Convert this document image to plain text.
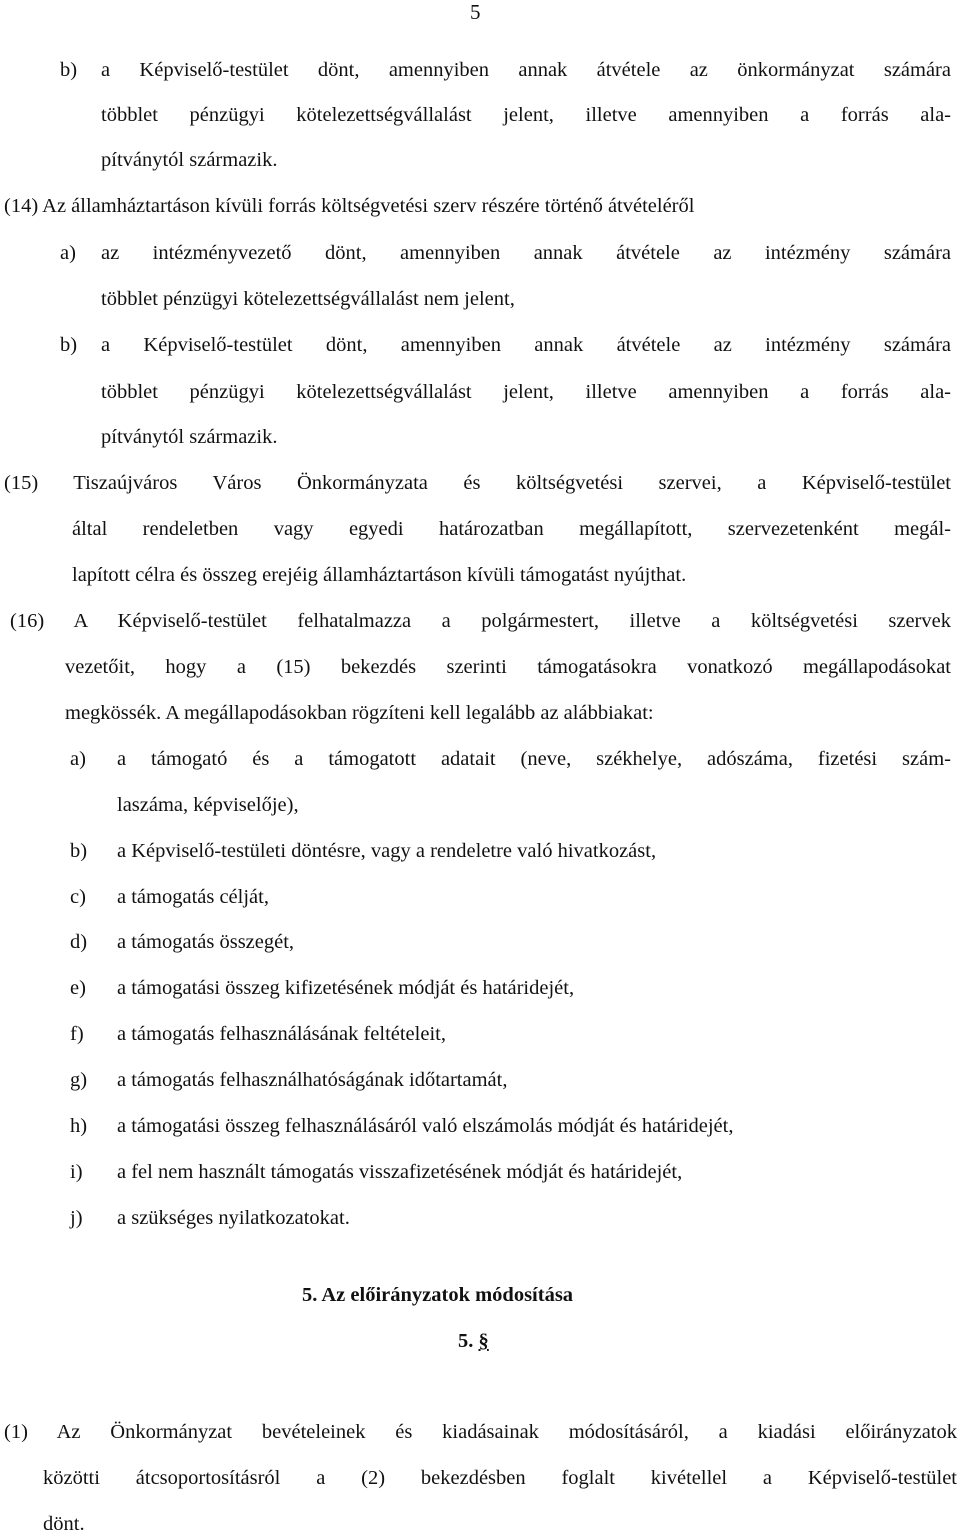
5
b) a Képviselő-testület dönt, amennyiben annak átvétele az önkormányzat számára
többlet pénzügyi kötelezettségvállalást jelent, illetve amennyiben a forrás ala-
pítványtól származik.
(14) Az államháztartáson kívüli forrás költségvetési szerv részére történő átvételéről
a) az intézményvezető dönt, amennyiben annak átvétele az intézmény számára
többlet pénzügyi kötelezettségvállalást nem jelent,
b) a Képviselő-testület dönt, amennyiben annak átvétele az intézmény számára
többlet pénzügyi kötelezettségvállalást jelent, illetve amennyiben a forrás ala-
pítványtól származik.
(15) Tiszaújváros Város Önkormányzata és költségvetési szervei, a Képviselő-testület
által rendeletben vagy egyedi határozatban megállapított, szervezetenként megál-
lapított célra és összeg erejéig államháztartáson kívüli támogatást nyújthat.
(16) A Képviselő-testület felhatalmazza a polgármestert, illetve a költségvetési szervek
vezetőit, hogy a (15) bekezdés szerinti támogatásokra vonatkozó megállapodásokat
megkössék. A megállapodásokban rögzíteni kell legalább az alábbiakat:
a) a támogató és a támogatott adatait (neve, székhelye, adószáma, fizetési szám-
laszáma, képviselője),
b) a Képviselő-testületi döntésre, vagy a rendeletre való hivatkozást,
c) a támogatás célját,
d) a támogatás összegét,
e) a támogatási összeg kifizetésének módját és határidejét,
f) a támogatás felhasználásának feltételeit,
g) a támogatás felhasználhatóságának időtartamát,
h) a támogatási összeg felhasználásáról való elszámolás módját és határidejét,
i) a fel nem használt támogatás visszafizetésének módját és határidejét,
j) a szükséges nyilatkozatokat.
5. Az előirányzatok módosítása
5. §
(1) Az Önkormányzat bevételeinek és kiadásainak módosításáról, a kiadási előirányzatok
közötti átcsoportosításról a (2) bekezdésben foglalt kivétellel a Képviselő-testület
dönt.
